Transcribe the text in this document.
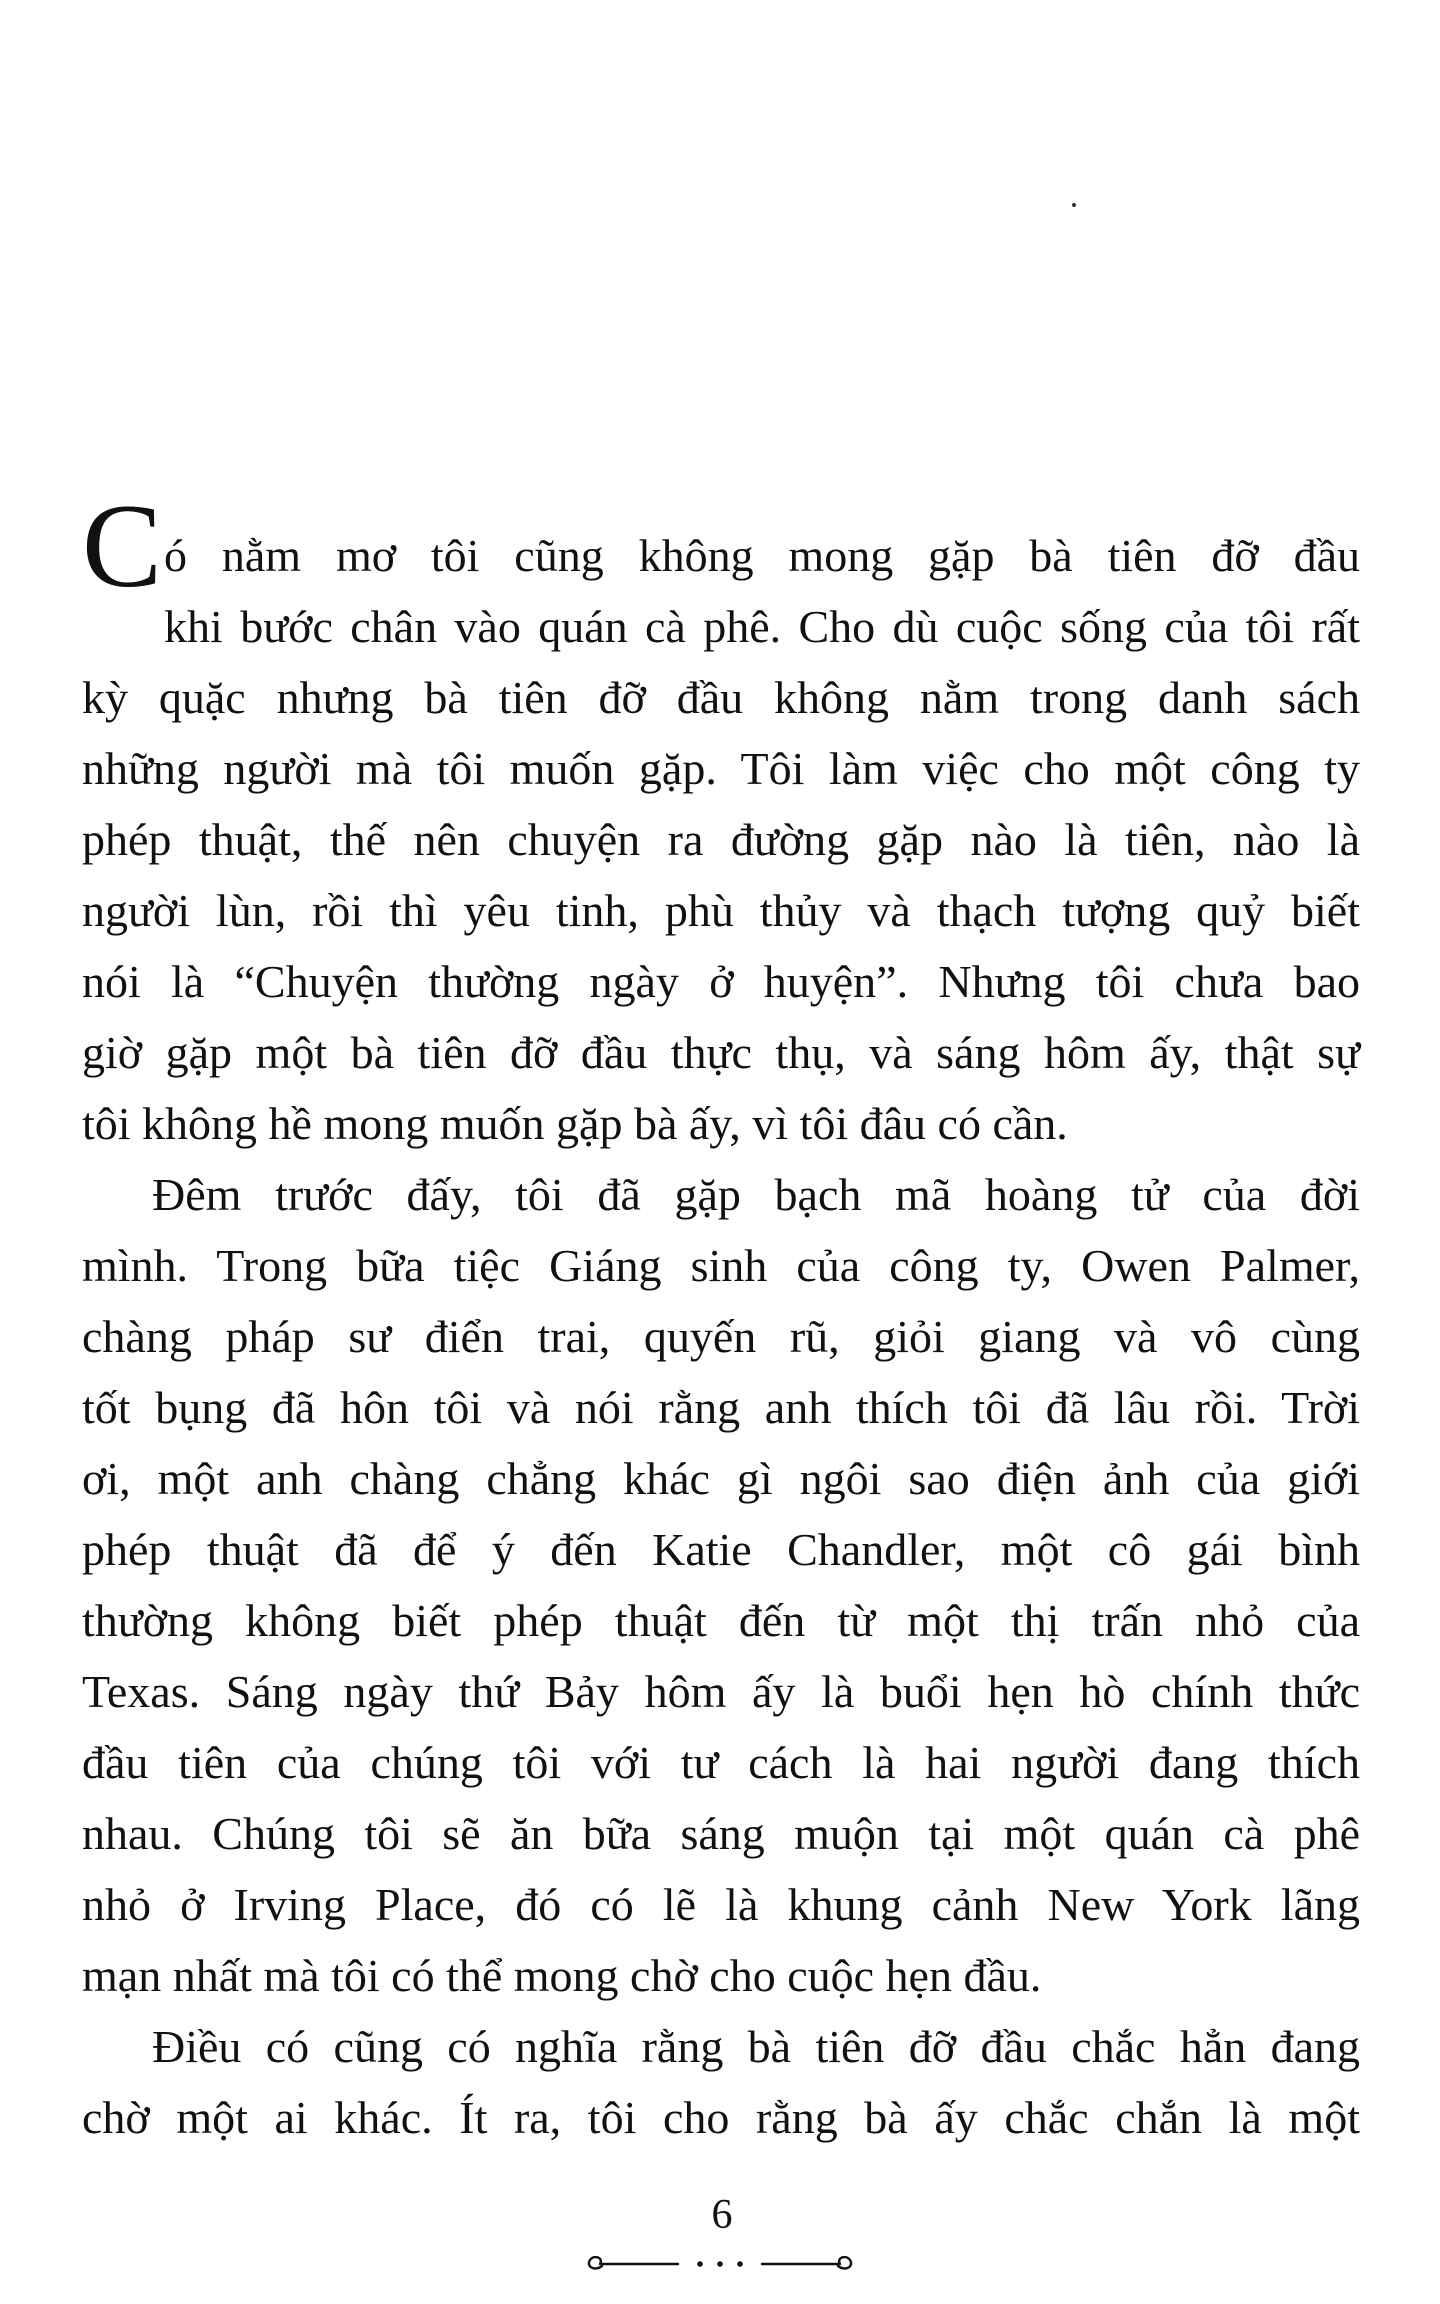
Có nằm mơ tôi cũng không mong gặp bà tiên đỡ đầu
khi bước chân vào quán cà phê. Cho dù cuộc sống của tôi rất
kỳ quặc nhưng bà tiên đỡ đầu không nằm trong danh sách
những người mà tôi muốn gặp. Tôi làm việc cho một công ty
phép thuật, thế nên chuyện ra đường gặp nào là tiên, nào là
người lùn, rồi thì yêu tinh, phù thủy và thạch tượng quỷ biết
nói là “Chuyện thường ngày ở huyện”. Nhưng tôi chưa bao
giờ gặp một bà tiên đỡ đầu thực thụ, và sáng hôm ấy, thật sự
tôi không hề mong muốn gặp bà ấy, vì tôi đâu có cần.
Đêm trước đấy, tôi đã gặp bạch mã hoàng tử của đời
mình. Trong bữa tiệc Giáng sinh của công ty, Owen Palmer,
chàng pháp sư điển trai, quyến rũ, giỏi giang và vô cùng
tốt bụng đã hôn tôi và nói rằng anh thích tôi đã lâu rồi. Trời
ơi, một anh chàng chẳng khác gì ngôi sao điện ảnh của giới
phép thuật đã để ý đến Katie Chandler, một cô gái bình
thường không biết phép thuật đến từ một thị trấn nhỏ của
Texas. Sáng ngày thứ Bảy hôm ấy là buổi hẹn hò chính thức
đầu tiên của chúng tôi với tư cách là hai người đang thích
nhau. Chúng tôi sẽ ăn bữa sáng muộn tại một quán cà phê
nhỏ ở Irving Place, đó có lẽ là khung cảnh New York lãng
mạn nhất mà tôi có thể mong chờ cho cuộc hẹn đầu.
Điều có cũng có nghĩa rằng bà tiên đỡ đầu chắc hẳn đang
chờ một ai khác. Ít ra, tôi cho rằng bà ấy chắc chắn là một
6
